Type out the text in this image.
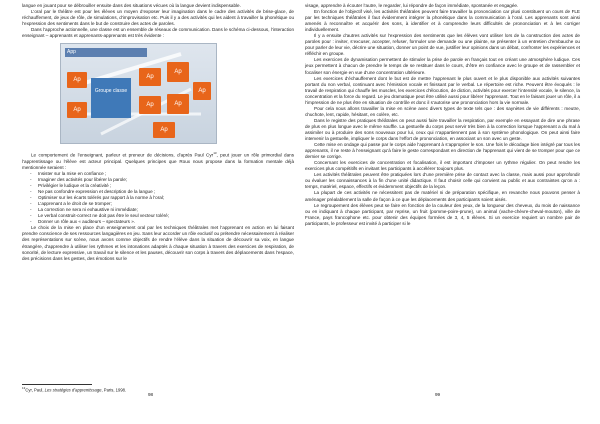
langue en jouant pour se débrouiller ensuite dans des situations vécues où la langue devient indispensable.

L’oral par le théâtre est pour les élèves un moyen d’exposer leur imagination dans le cadre des activités de brise-glace, de réchauffement, de jeux de rôle, de simulations, d’improvisation etc. Puis il y a des activités qui les aident à travailler la phonétique ou l’expression des sentiments dans le but de construire des actes de paroles.

Dans l’approche actionnelle, une classe est un ensemble de réseaux de communication. Dans le schéma ci-dessous, l’interaction enseignant – apprenants et apprenants-apprenants est très évidente :

App
Groupe classe
Ap
Ap
Ap
Ap
Ap	Ap
Ap
Ap

Le comportement de l’enseignant, parleur et preneur de décisions, d’après Paul Cyr$^{13}$, peut jouer un rôle primordial dans l’apprentissage ou l’élève est acteur principal. Quelques principes que Roux nous propose dans la formation mentale déjà mentionnée seraient :

- Insister sur la mise en confiance ;
- Imaginer des activités pour libérer la parole;
- Privilégier le ludique et la créativité ;
- Ne pas confondre expression et description de la langue ;
- Optimiser sur les écarts tolérés par rapport à la norme à l’oral;
- L’apprenant a le droit de se tromper;
- La correction ne sera ni exhaustive ni immédiate;
- Le verbal construit-correct ne doit pas être le seul vecteur toléré;
- Donner un rôle aux « auditeurs – spectateurs ».

Le choix de la mise en place d’un enseignement oral par les techniques théâtrales met l’apprenant en action en lui faisant prendre conscience de ses ressources langagières en jeu. Sans leur accorder un rôle exclusif ou prétendre nécessairement à réaliser des représentations sur scène, nous avons comme objectifs de rendre l’élève dans la situation de découvrir sa voix, en langue étrangère, d’apprendre à utiliser les rythmes et les intonations adaptés à chaque situation à travers des exercices de respiration, de sonorité, de lecture expressive, un travail sur le silence et les pauses, découvrir son corps à travers des déplacements dans l’espace, des précisions dans les gestes, des émotions sur le

$^{13}$Cyr, Paul, Les stratégies d’apprentissage, Paris, 1998.
98

visage, apprendre à écouter l’autre, le regarder, lui répondre de façon immédiate, spontanée et engagée.

En fonction de l’objectif visé, les activités théâtrales peuvent faire travailler la prononciation car plusi constituent un cours de FLE par les techniques théâtrales il faut évidemment intégrer la phonétique dans la communication à l’oral. Les apprenants sont ainsi amenés à reconnaître et acquérir des sons, à identifier et à comprendre leurs difficultés de prononciation et à les corriger individuellement.

Il y a ensuite d’autres activités sur l’expression des sentiments que les élèves vont utiliser lors de la construction des actes de paroles pour : inviter, s’excuser, accepter, refuser, formuler une demande ou une plainte, se présenter à un entretien d’embauche ou pour parler de leur vie, décrire une situation, donner un point de vue, justifier leur opinions dans un débat, confronter les expériences et réfléchir en groupe.

Les exercices de dynamisation permettent de stimuler la prise de parole en français tout en créant une atmosphère ludique. Ces jeux permettent à chacun de prendre le temps de se restituer dans le cours, d’être en confiance avec le groupe et de rassembler et focaliser son énergie en vue d’une concentration ultérieure.

Les exercices d’échauffement dont le but est de mettre l’apprenant le plus ouvert et le plus disponible aux activités suivantes portant du non verbal, continuant avec l’émission vocale et finissant par le verbal. Le répertoire est riche. Peuvent être évoqués : le travail de respiration qui chauffe les muscles, les exercices d’élocution, de diction, activités pour exercer l’intensité vocale, le silence, la concentration et la force du regard. Le jeu dramatique peut être utilisé aussi pour libérer l’apprenant. Tout en le faisant jouer un rôle, il a l’impression de ne plus être en situation de contrôle et donc il s’autorise une prononciation hors la vie normale.

Pour cela nous allons travailler la mise en scène avec divers types de texte tels que : des saynètes de vie différents : meutre, chuchote, lent, rapide, hésitant, en colère, etc.

Dans le registre des pratiques théâtrales on peut aussi faire travailler la respiration, par exemple en essayant de dire une phrase de plus en plus longue avec le même souffle. La gestuelle du corps peut servir très bien à la correction lorsque l’apprenant a du mal à assimiler ou à produire des sons nouveaux pour lui, ceux qui n’appartiennent pas à son système phonologique. On peut ainsi faire intervenir la gestuelle, impliquer le corps dans l’effort de prononciation, en associant un son avec un geste.

Cette mise en ondage qui passe par le corps aide l’apprenant à s’approprier le son. Une fois le décodage bien intégré par tous les apprenants, il ne reste à l’enseignant qu’à faire le geste correspondant en direction de l’apprenant qui vient de se tromper pour que ce dernier se corrige.

Concernant les exercices de concentration et focalisation, il est important d’imposer un rythme régulier. On peut rendre les exercices plus compétitifs en invitant les participants à accélérer toujours plus.

Les activités théâtrales peuvent être pratiquées lors d’une première prise de contact avec la classe, mais aussi pour approfondir ou évaluer les connaissances à la fin d’une unité didactique. Il faut choisir celle qui convient au public et aux contraintes qu’on a : temps, matériel, espace, effectifs et évidemment objectifs de la leçon.

La plupart de ces activités ne nécessitent pas de matériel ni de préparation spécifique, en revanche nous pouvons penser à aménager préalablement la salle de façon à ce que les déplacements des participants soient aisés.

Le regroupement des élèves peut se faire en fonction de la couleur des yeux, de la longueur des cheveux, du mois de naissance ou en indiquant à chaque participant, par reprise, un fruit (pomme-poire-prune), un animal (vache-chèvre-cheval-mouton), ville de France, pays francophone etc. pour obtenir des équipes formées de 3, 4, 5 élèves. Si un exercice requiert un nombre pair de participants, le professeur est invité à participer si le

99
